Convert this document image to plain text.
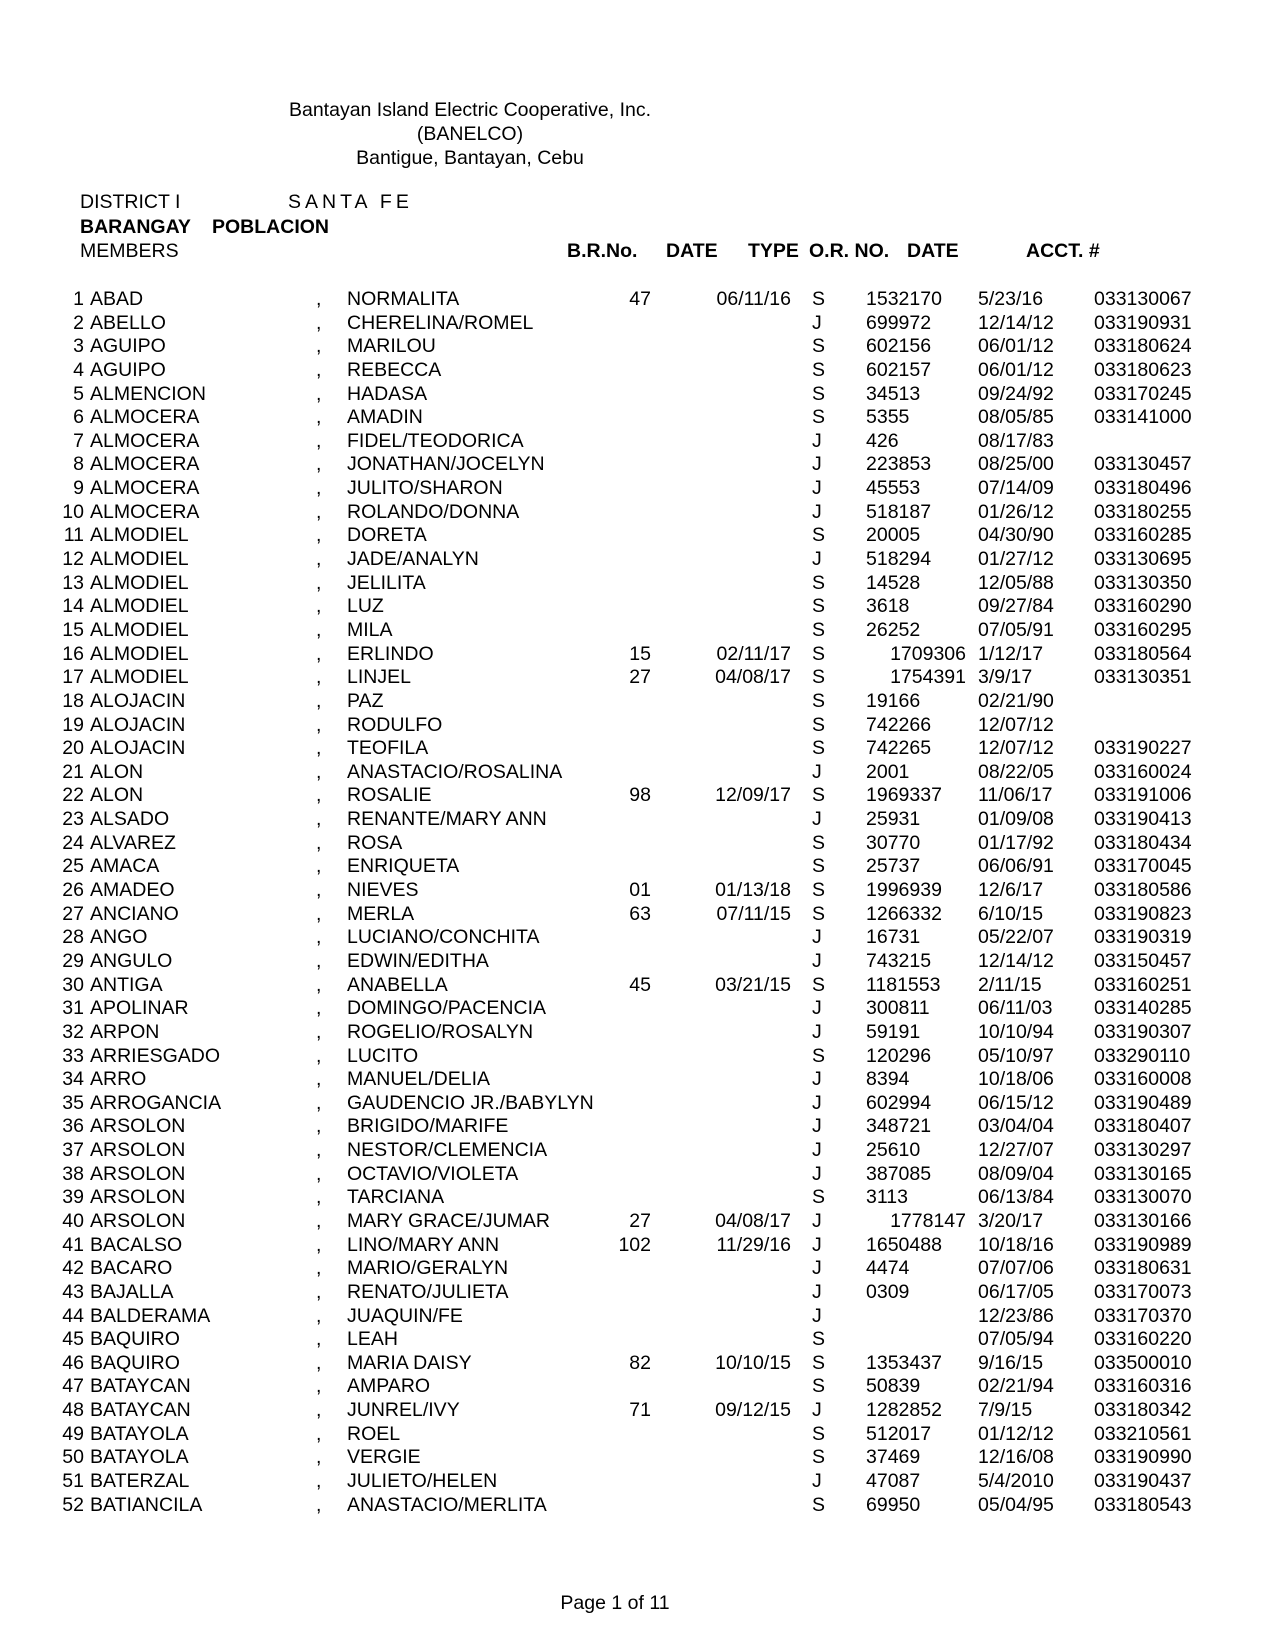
Bantayan Island Electric Cooperative, Inc.
(BANELCO)
Bantigue, Bantayan, Cebu
DISTRICT I	SANTA FE
BARANGAY POBLACION
MEMBERS	B.R.No. DATE TYPE O.R. NO. DATE	ACCT. #
1 ABAD	, NORMALITA	47	06/11/16 S 1532170	5/23/16	033130067
2 ABELLO	, CHERELINA/ROMEL	J 699972	12/14/12	033190931
3 AGUIPO	, MARILOU	S 602156	06/01/12	033180624
4 AGUIPO	, REBECCA	S 602157	06/01/12	033180623
5 ALMENCION	, HADASA	S 34513	09/24/92	033170245
6 ALMOCERA	, AMADIN	S 5355	08/05/85	033141000
7 ALMOCERA	, FIDEL/TEODORICA	J 426	08/17/83
8 ALMOCERA	, JONATHAN/JOCELYN	J 223853	08/25/00	033130457
9 ALMOCERA	, JULITO/SHARON	J 45553	07/14/09	033180496
10 ALMOCERA	, ROLANDO/DONNA	J 518187	01/26/12	033180255
11 ALMODIEL	, DORETA	S 20005	04/30/90	033160285
12 ALMODIEL	, JADE/ANALYN	J 518294	01/27/12	033130695
13 ALMODIEL	, JELILITA	S 14528	12/05/88	033130350
14 ALMODIEL	, LUZ	S 3618	09/27/84	033160290
15 ALMODIEL	, MILA	S 26252	07/05/91	033160295
16 ALMODIEL	, ERLINDO	15	02/11/17 S	1709306 1/12/17	033180564
17 ALMODIEL	, LINJEL	27	04/08/17 S	1754391 3/9/17	033130351
18 ALOJACIN	, PAZ	S 19166	02/21/90
19 ALOJACIN	, RODULFO	S 742266	12/07/12
20 ALOJACIN	, TEOFILA	S 742265	12/07/12	033190227
21 ALON	, ANASTACIO/ROSALINA	J 2001	08/22/05	033160024
22 ALON	, ROSALIE	98	12/09/17 S 1969337	11/06/17	033191006
23 ALSADO	, RENANTE/MARY ANN	J 25931	01/09/08	033190413
24 ALVAREZ	, ROSA	S 30770	01/17/92	033180434
25 AMACA	, ENRIQUETA	S 25737	06/06/91	033170045
26 AMADEO	, NIEVES	01	01/13/18 S 1996939	12/6/17	033180586
27 ANCIANO	, MERLA	63	07/11/15 S 1266332	6/10/15	033190823
28 ANGO	, LUCIANO/CONCHITA	J 16731	05/22/07	033190319
29 ANGULO	, EDWIN/EDITHA	J 743215	12/14/12	033150457
30 ANTIGA	, ANABELLA	45	03/21/15 S 1181553	2/11/15	033160251
31 APOLINAR	, DOMINGO/PACENCIA	J 300811	06/11/03	033140285
32 ARPON	, ROGELIO/ROSALYN	J 59191	10/10/94	033190307
33 ARRIESGADO	, LUCITO	S 120296	05/10/97	033290110
34 ARRO	, MANUEL/DELIA	J 8394	10/18/06	033160008
35 ARROGANCIA	, GAUDENCIO JR./BABYLYN	J 602994	06/15/12	033190489
36 ARSOLON	, BRIGIDO/MARIFE	J 348721	03/04/04	033180407
37 ARSOLON	, NESTOR/CLEMENCIA	J 25610	12/27/07	033130297
38 ARSOLON	, OCTAVIO/VIOLETA	J 387085	08/09/04	033130165
39 ARSOLON	, TARCIANA	S 3113	06/13/84	033130070
40 ARSOLON	, MARY GRACE/JUMAR	27	04/08/17 J	1778147 3/20/17	033130166
41 BACALSO	, LINO/MARY ANN	102	11/29/16 J 1650488	10/18/16	033190989
42 BACARO	, MARIO/GERALYN	J 4474	07/07/06	033180631
43 BAJALLA	, RENATO/JULIETA	J 0309	06/17/05	033170073
44 BALDERAMA	, JUAQUIN/FE	J	12/23/86	033170370
45 BAQUIRO	, LEAH	S	07/05/94	033160220
46 BAQUIRO	, MARIA DAISY	82	10/10/15 S 1353437	9/16/15	033500010
47 BATAYCAN	, AMPARO	S 50839	02/21/94	033160316
48 BATAYCAN	, JUNREL/IVY	71	09/12/15 J 1282852	7/9/15	033180342
49 BATAYOLA	, ROEL	S 512017	01/12/12	033210561
50 BATAYOLA	, VERGIE	S 37469	12/16/08	033190990
51 BATERZAL	, JULIETO/HELEN	J 47087	5/4/2010	033190437
52 BATIANCILA	, ANASTACIO/MERLITA	S 69950	05/04/95	033180543
Page 1 of 11
